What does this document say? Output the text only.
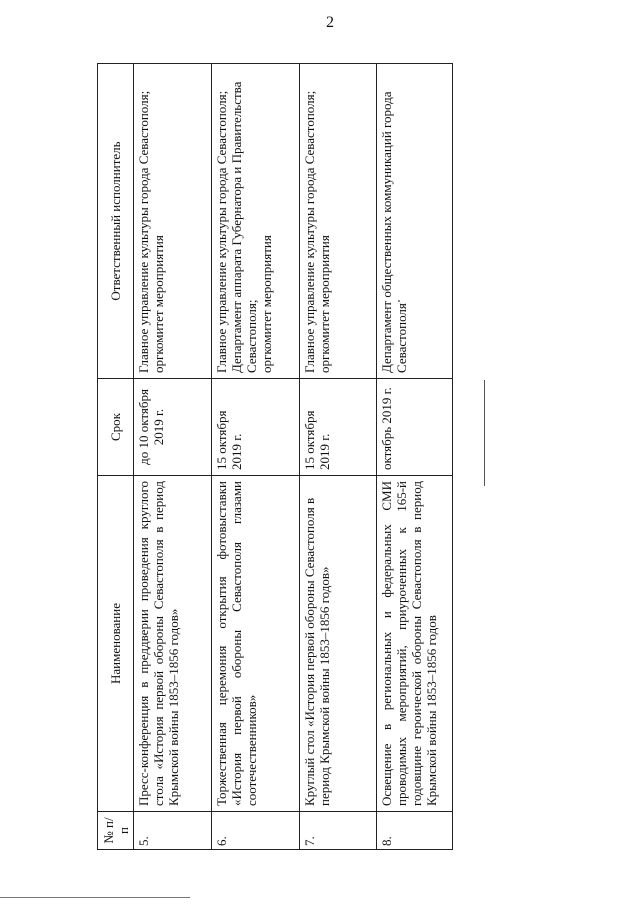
2
№ п/п	Наименование	Срок	Ответственный исполнитель
5.	Пресс-конференция в преддверии проведения круглого стола «История первой обороны Севастополя в период Крымской войны 1853–1856 годов»	до 10 октября 2019 г.	Главное управление культуры города Севастополя; оргкомитет мероприятия

6.	Торжественная церемония открытия фотовыставки «История первой обороны Севастополя глазами соотечественников»	15 октября 2019 г.	Главное управление культуры города Севастополя; Департамент аппарата Губернатора и Правительства Севастополя; оргкомитет мероприятия

7.	Круглый стол «История первой обороны Севастополя в период Крымской войны 1853–1856 годов»	15 октября 2019 г.	Главное управление культуры города Севастополя; оргкомитет мероприятия

8.	Освещение в региональных и федеральных СМИ проводимых мероприятий, приуроченных к 165-й годовщине героической обороны Севастополя в период Крымской войны 1853–1856 годов	октябрь 2019 г.	Департамент общественных коммуникаций города Севастополя
